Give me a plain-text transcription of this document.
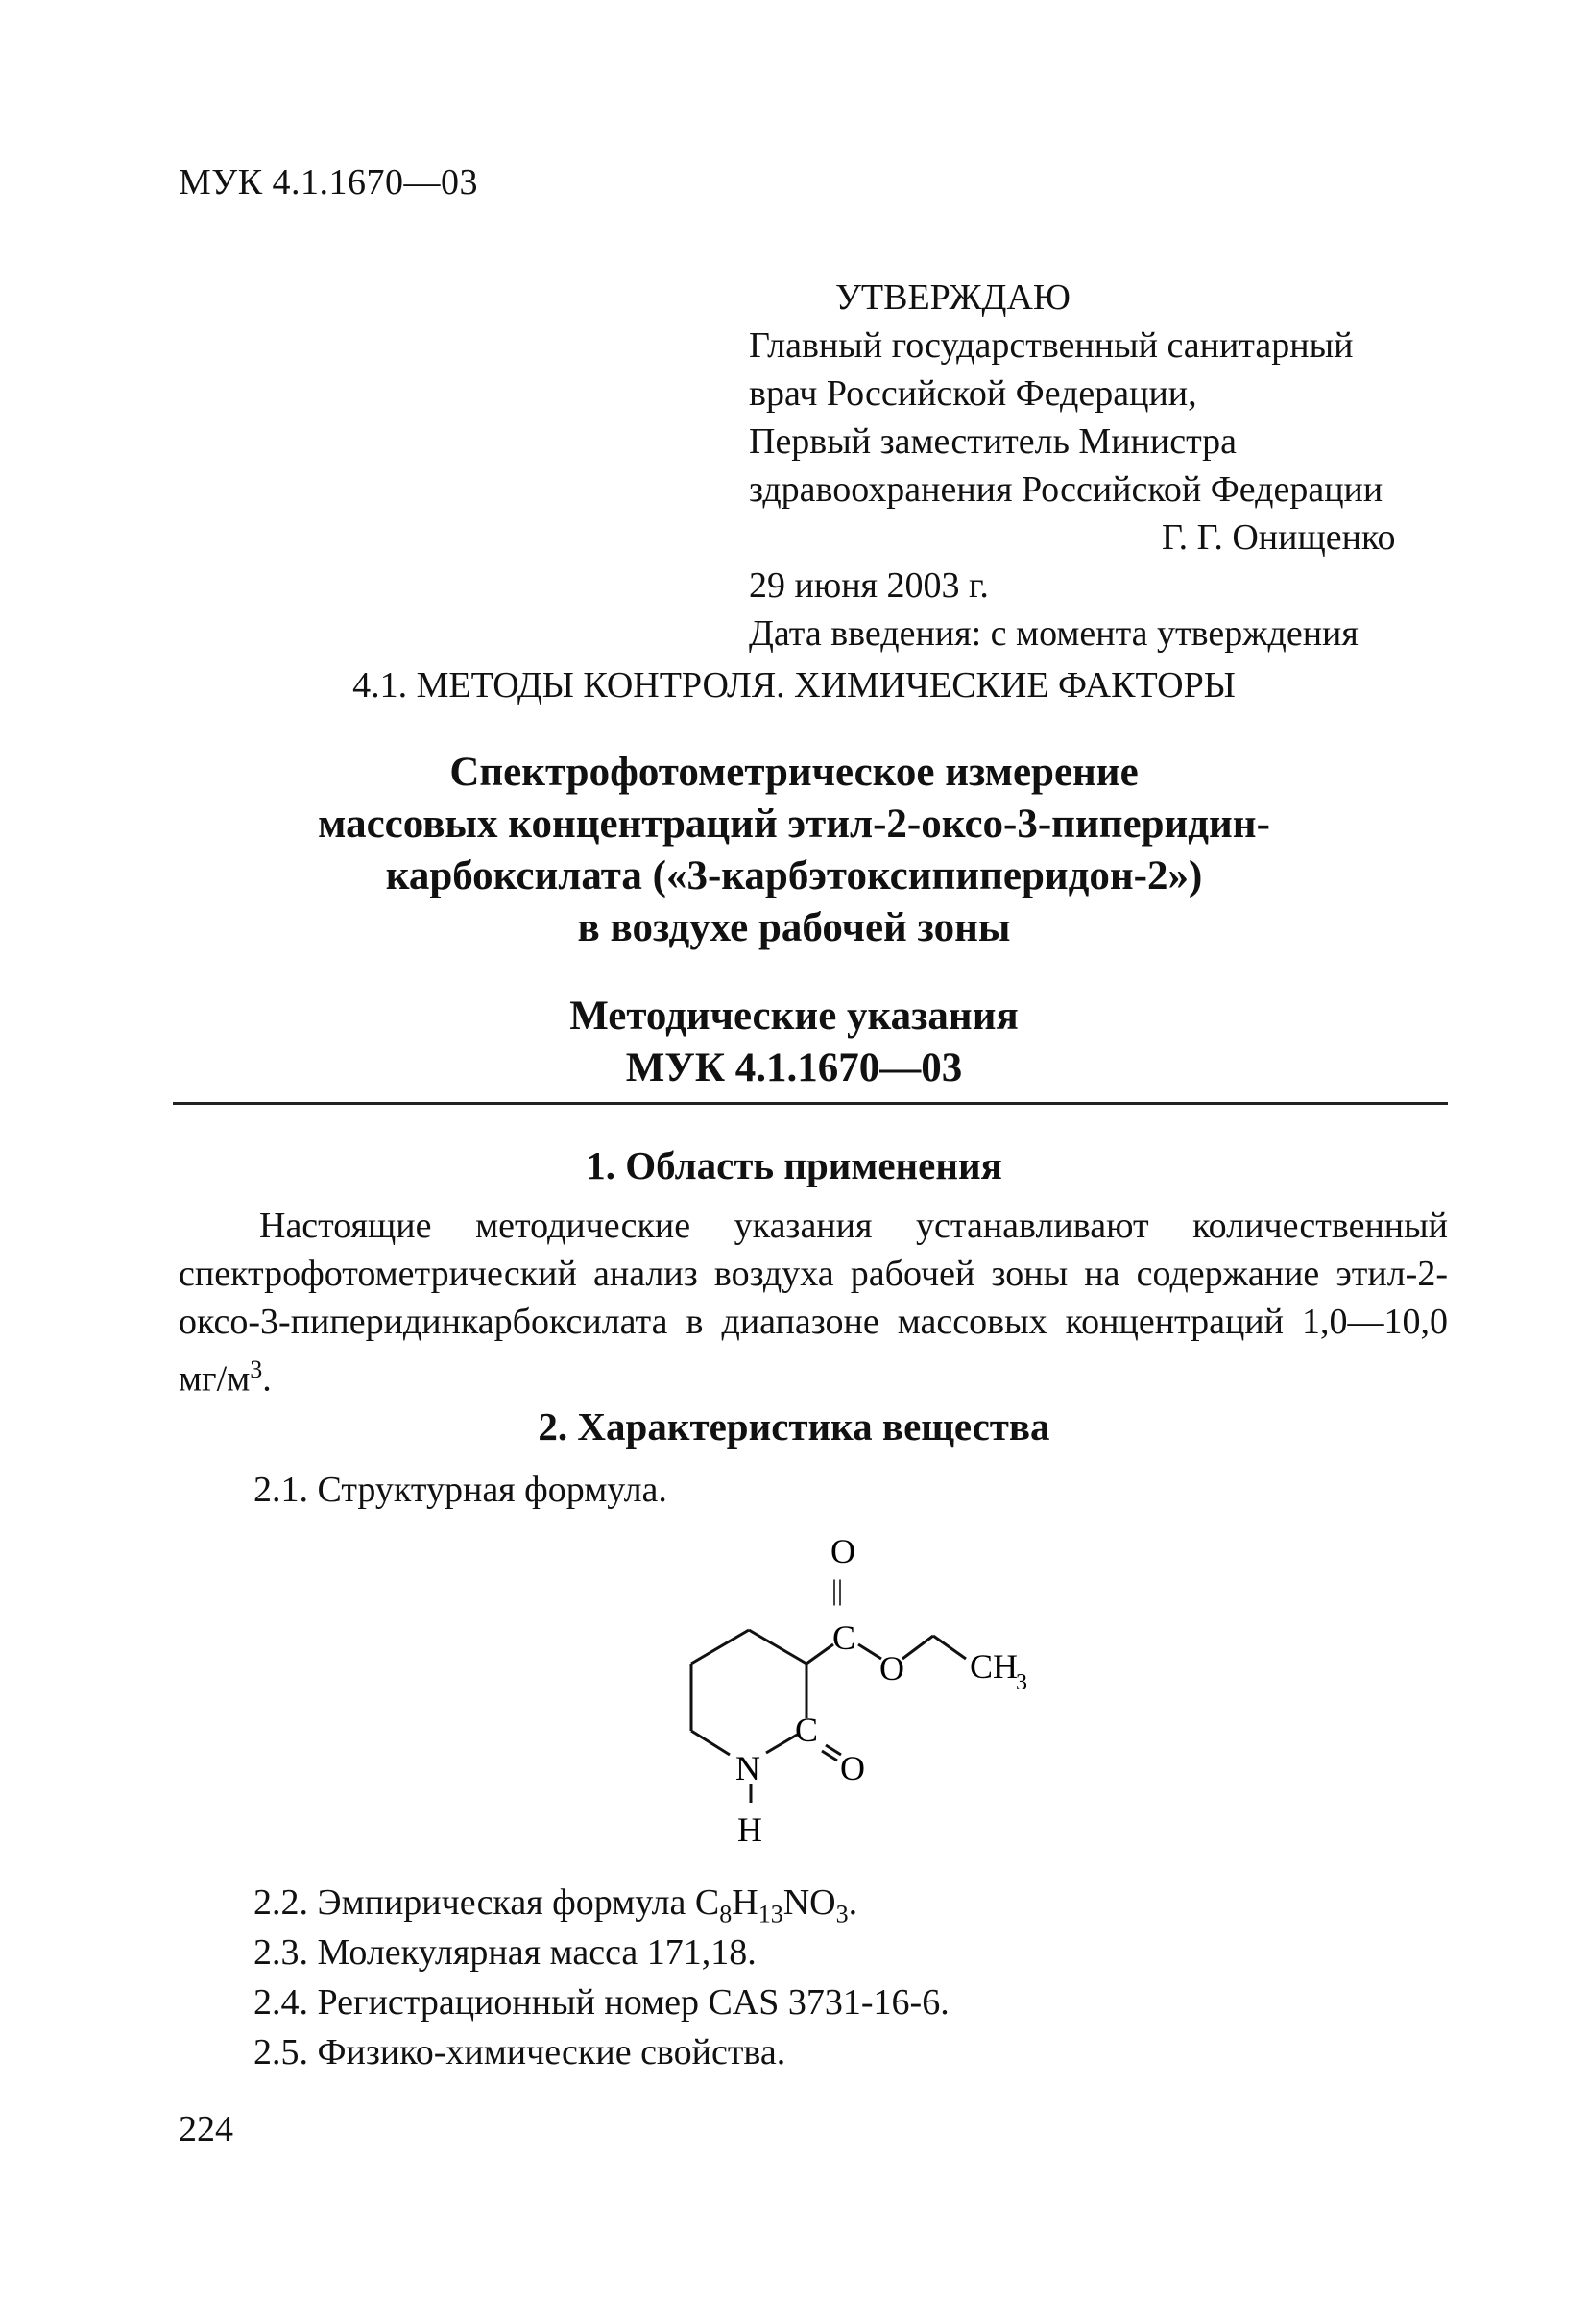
МУК 4.1.1670—03
УТВЕРЖДАЮ
Главный государственный санитарный
врач Российской Федерации,
Первый заместитель Министра
здравоохранения Российской Федерации
Г. Г. Онищенко
29 июня 2003 г.
Дата введения: с момента утверждения
4.1. МЕТОДЫ КОНТРОЛЯ. ХИМИЧЕСКИЕ ФАКТОРЫ
Спектрофотометрическое измерение
массовых концентраций этил-2-оксо-3-пиперидин-
карбоксилата («3-карбэтоксипиперидон-2»)
в воздухе рабочей зоны
Методические указания
МУК 4.1.1670—03
1. Область применения
Настоящие методические указания устанавливают количественный спектрофотометрический анализ воздуха рабочей зоны на содержание этил-2-оксо-3-пиперидинкарбоксилата в диапазоне массовых концентраций 1,0—10,0 $мг/м^3$.
2. Характеристика вещества
2.1. Структурная формула.
O
||
C
O CH
3
C
O
N
H
2.2. Эмпирическая формула $C_8H_{13}NO_3$.
2.3. Молекулярная масса 171,18.
2.4. Регистрационный номер CAS 3731-16-6.
2.5. Физико-химические свойства.
224
